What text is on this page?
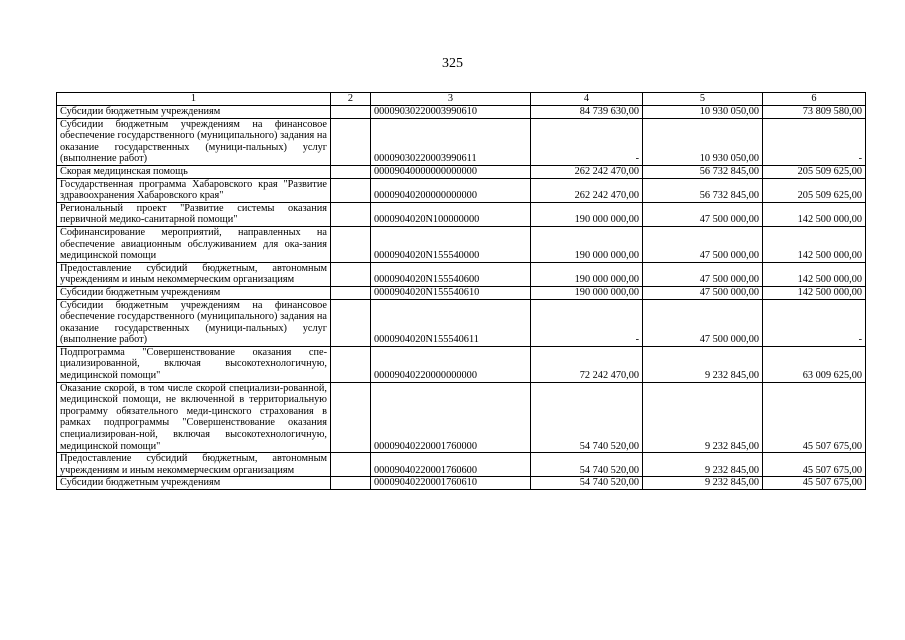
325
1	2	3	4	5	6
Субсидии бюджетным учреждениям		00009030220003990610	84 739 630,00	10 930 050,00	73 809 580,00
Субсидии бюджетным учреждениям на финансовое обеспечение государственного (муниципального) задания на оказание государственных (муници-пальных) услуг (выполнение работ)		00009030220003990611	-	10 930 050,00	-
Скорая медицинская помощь		00009040000000000000	262 242 470,00	56 732 845,00	205 509 625,00
Государственная программа Хабаровского края "Развитие здравоохранения Хабаровского края"		00009040200000000000	262 242 470,00	56 732 845,00	205 509 625,00
Региональный проект "Развитие системы оказания первичной медико-санитарной помощи"		0000904020N100000000	190 000 000,00	47 500 000,00	142 500 000,00
Софинансирование мероприятий, направленных на обеспечение авиационным обслуживанием для ока-зания медицинской помощи		0000904020N155540000	190 000 000,00	47 500 000,00	142 500 000,00
Предоставление субсидий бюджетным, автономным учреждениям и иным некоммерческим организациям		0000904020N155540600	190 000 000,00	47 500 000,00	142 500 000,00
Субсидии бюджетным учреждениям		0000904020N155540610	190 000 000,00	47 500 000,00	142 500 000,00
Субсидии бюджетным учреждениям на финансовое обеспечение государственного (муниципального) задания на оказание государственных (муници-пальных) услуг (выполнение работ)		0000904020N155540611	-	47 500 000,00	-
Подпрограмма "Совершенствование оказания спе-циализированной, включая высокотехнологичную, медицинской помощи"		00009040220000000000	72 242 470,00	9 232 845,00	63 009 625,00
Оказание скорой, в том числе скорой специализи-рованной, медицинской помощи, не включенной в территориальную программу обязательного меди-цинского страхования в рамках подпрограммы "Совершенствование оказания специализирован-ной, включая высокотехнологичную, медицинской помощи"		00009040220001760000	54 740 520,00	9 232 845,00	45 507 675,00
Предоставление субсидий бюджетным, автономным учреждениям и иным некоммерческим организациям		00009040220001760600	54 740 520,00	9 232 845,00	45 507 675,00
Субсидии бюджетным учреждениям		00009040220001760610	54 740 520,00	9 232 845,00	45 507 675,00
